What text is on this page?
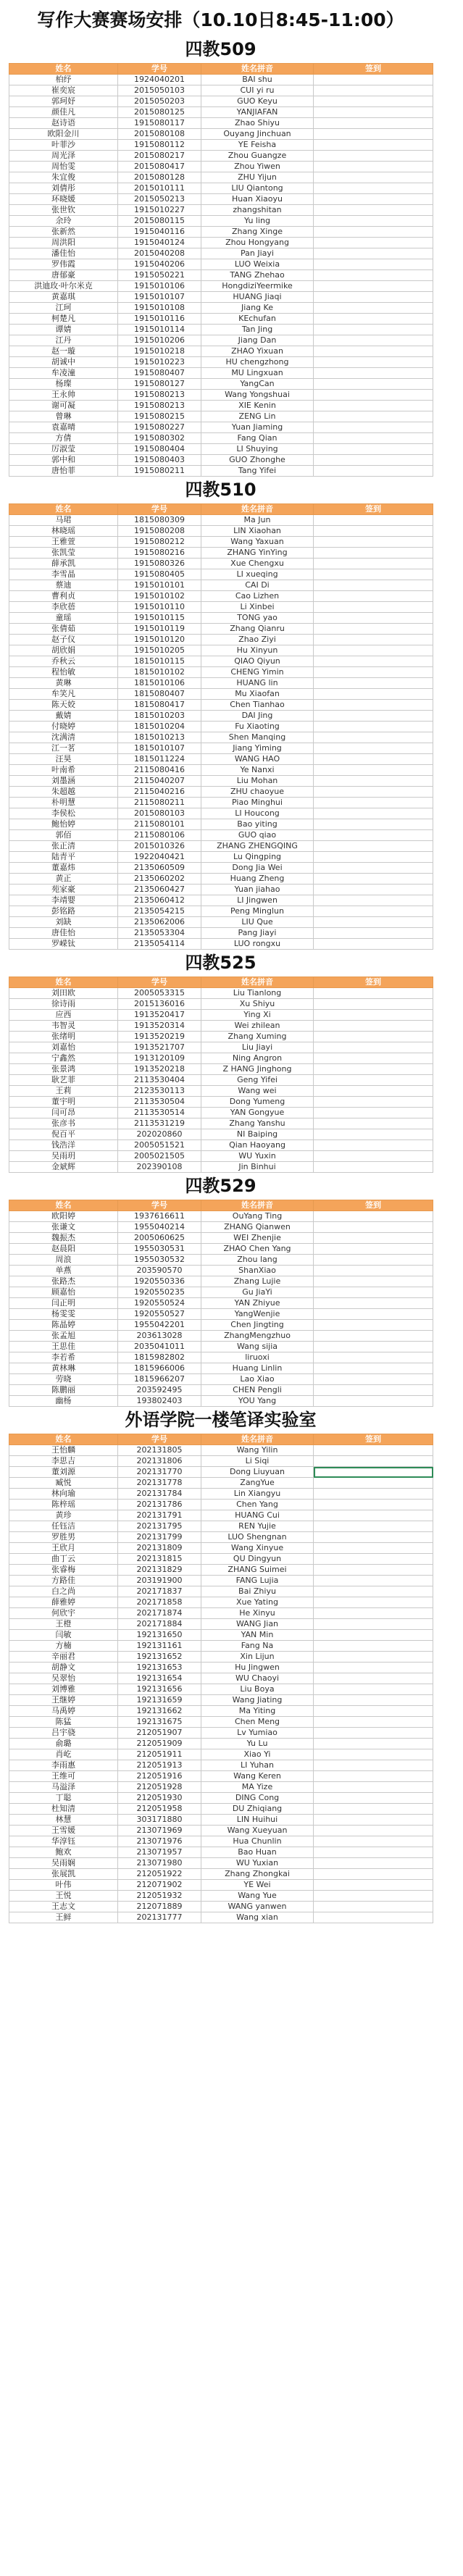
写作大赛赛场安排（10.10日8:45-11:00）
四教509
姓名	学号	姓名拼音	签到
柏纾	1924040201	BAI shu	
崔奕宸	2015050103	CUI yi ru	
郭珂妤	2015050203	GUO Keyu	
颜佳凡	2015080125	YANJIAFAN	
赵诗语	1915080117	Zhao Shiyu	
欧阳金川	2015080108	Ouyang Jinchuan	
叶菲沙	1915080112	YE Feisha	
周光泽	2015080217	Zhou Guangze	
周怡雯	2015080417	Zhou Yiwen	
朱宜俊	2015080128	ZHU Yijun	
刘倩彤	2015010111	LIU Qiantong	
环晓媛	2015050213	Huan Xiaoyu	
张世钦	1915010227	zhangshitan	
余玲	2015080115	Yu ling	
张新然	1915040116	Zhang Xinge	
周洪阳	1915040124	Zhou Hongyang	
潘佳怡	2015040208	Pan Jiayi	
罗伟霞	1915040206	LUO Weixia	
唐郁豪	1915050221	TANG Zhehao	
洪迪玫·叶尔米克	1915010106	HongdiziYeermike	
黄嘉琪	1915010107	HUANG Jiaqi	
江珂	1915010108	Jiang Ke	
柯楚凡	1915010116	KEchufan	
谭婧	1915010114	Tan Jing	
江丹	1915010206	Jiang Dan	
赵一璇	1915010218	ZHAO Yixuan	
胡诚中	1915010223	HU chengzhong	
牟凌潼	1915080407	MU Lingxuan	
杨璨	1915080127	YangCan	
王永帅	1915080213	Wang Yongshuai	
谢可凝	1915080213	XIE Kenin	
曾琳	1915080215	ZENG Lin	
袁嘉晴	1915080227	Yuan Jiaming	
方倩	1915080302	Fang Qian	
厉淑莹	1915080404	LI Shuying	
郭中和	1915080403	GUO Zhonghe	
唐怡菲	1915080211	Tang Yifei	
四教510
姓名	学号	姓名拼音	签到
马珺	1815080309	Ma Jun	
林晓瑶	1915080208	LIN Xiaohan	
王雅萱	1915080212	Wang Yaxuan	
张凯莹	1915080216	ZHANG YinYing	
薛承凯	1915080326	Xue Chengxu	
李雪晶	1915080405	LI xueqing	
蔡迪	1915010101	CAI Di	
曹利贞	1915010102	Cao Lizhen	
李欣蓓	1915010110	Li Xinbei	
童瑶	1915010115	TONG yao	
张倩茹	1915010119	Zhang Qianru	
赵子仪	1915010120	Zhao Ziyi	
胡欣娟	1915010205	Hu Xinyun	
乔秋云	1815010115	QIAO Qiyun	
程怡敏	1815010102	CHENG Yimin	
黄琳	1815010106	HUANG lin	
牟笑凡	1815080407	Mu Xiaofan	
陈天姣	1815080417	Chen Tianhao	
戴婧	1815010203	DAI Jing	
付晓婷	1815010204	Fu Xiaoting	
沈满清	1815010213	Shen Manqing	
江一茗	1815010107	Jiang Yiming	
汪昊	1815011224	WANG HAO	
叶南希	2115080416	Ye Nanxi	
刘墨涵	2115040207	Liu Mohan	
朱超越	2115040216	ZHU chaoyue	
朴明慧	2115080211	Piao Minghui	
李侯松	2015080103	LI Houcong	
鲍怡婷	2115080101	Bao yiting	
郭佰	2115080106	GUO qiao	
张正清	2015010326	ZHANG ZHENGQING	
陆青平	1922040421	Lu Qingping	
董嘉炜	2135060509	Dong Jia Wei	
黄正	2135060202	Huang Zheng	
苑家豪	2135060427	Yuan jiahao	
李靖婴	2135060412	LI Jingwen	
彭铭路	2135054215	Peng Minglun	
刘缺	2135062006	LIU Que	
唐佳怡	2135053304	Pang Jiayi	
罗嵘钛	2135054114	LUO rongxu	
四教525
姓名	学号	姓名拼音	签到
刘田欧	2005053315	Liu Tianlong	
徐诗雨	2015136016	Xu Shiyu	
应西	1913520417	Ying Xi	
韦智灵	1913520314	Wei zhilean	
张绪明	1913520219	Zhang Xuming	
刘嘉怡	1913521707	Liu Jiayi	
宁鑫然	1913120109	Ning Angron	
张景鸿	1913520218	Z HANG Jinghong	
耿艺菲	2113530404	Geng Yifei	
王莉	2123530113	Wang wei	
董宇明	2113530504	Dong Yumeng	
闫可昂	2113530514	YAN Gongyue	
张彦书	2113531219	Zhang Yanshu	
倪百平	202020860	NI Baiping	
钱浩洋	2005051521	Qian Haoyang	
吴雨玥	2005021505	WU Yuxin	
金斌辉	202390108	Jin Binhui	
四教529
姓名	学号	姓名拼音	签到
欧阳婷	1937616611	OuYang Ting	
张谦文	1955040214	ZHANG Qianwen	
魏振杰	2005060625	WEI Zhenjie	
赵晨阳	1955030531	ZHAO Chen Yang	
周浪	1955030532	Zhou lang	
单燕	203590570	ShanXiao	
张路杰	1920550336	Zhang Lujie	
顾嘉怡	1920550235	Gu JiaYi	
闫正明	1920550524	YAN Zhiyue	
杨雯雯	1920550527	YangWenjie	
陈晶婷	1955042201	Chen Jingting	
张孟旭	203613028	ZhangMengzhuo	
王思佳	2035041011	Wang sijia	
李若希	1815982802	liruoxi	
黄林琳	1815966006	Huang Linlin	
劳晓	1815966207	Lao Xiao	
陈鹏丽	203592495	CHEN Pengli	
幽杨	193802403	YOU Yang	
外语学院一楼笔译实验室
姓名	学号	姓名拼音	签到
王怡麟	202131805	Wang Yilin	
李思吉	202131806	Li Siqi	
董刘源	202131770	Dong Liuyuan	
臧悦	202131778	ZangYue	
林向瑜	202131784	Lin Xiangyu	
陈梓瑶	202131786	Chen Yang	
黄珍	202131791	HUANG Cui	
任钰洁	202131795	REN Yujie	
罗胜男	202131799	LUO Shengnan	
王欣月	202131809	Wang Xinyue	
曲丁云	202131815	QU Dingyun	
张睿梅	202131829	ZHANG Suimei	
方路佳	203191900	FANG Lujia	
白之尚	202171837	Bai Zhiyu	
薛雅婷	202171858	Xue Yating	
何欣宇	202171874	He Xinyu	
王橙	202171884	WANG Jian	
闫敏	192131650	YAN Min	
方楠	192131161	Fang Na	
辛丽君	192131652	Xin Lijun	
胡静文	192131653	Hu Jingwen	
吴翠怡	192131654	WU Chaoyi	
刘博雅	192131656	Liu Boya	
王继婷	192131659	Wang Jiating	
马禹婷	192131662	Ma Yiting	
陈猛	192131675	Chen Meng	
吕宇骁	212051907	Lv Yumiao	
俞璐	212051909	Yu Lu	
肖屹	212051911	Xiao Yi	
李雨惠	212051913	LI Yuhan	
王维可	212051916	Wang Keren	
马溢泽	212051928	MA Yize	
丁聪	212051930	DING Cong	
杜知清	212051958	DU Zhiqiang	
林慧	303171880	LIN Huihui	
王雪媛	213071969	Wang Xueyuan	
华淳钰	213071976	Hua Chunlin	
鲍欢	213071957	Bao Huan	
吴雨娴	213071980	WU Yuxian	
张展凯	212051922	Zhang Zhongkai	
叶伟	212071902	YE Wei	
王悦	212051932	Wang Yue	
王志文	212071889	WANG yanwen	
王鲜	202131777	Wang xian	
